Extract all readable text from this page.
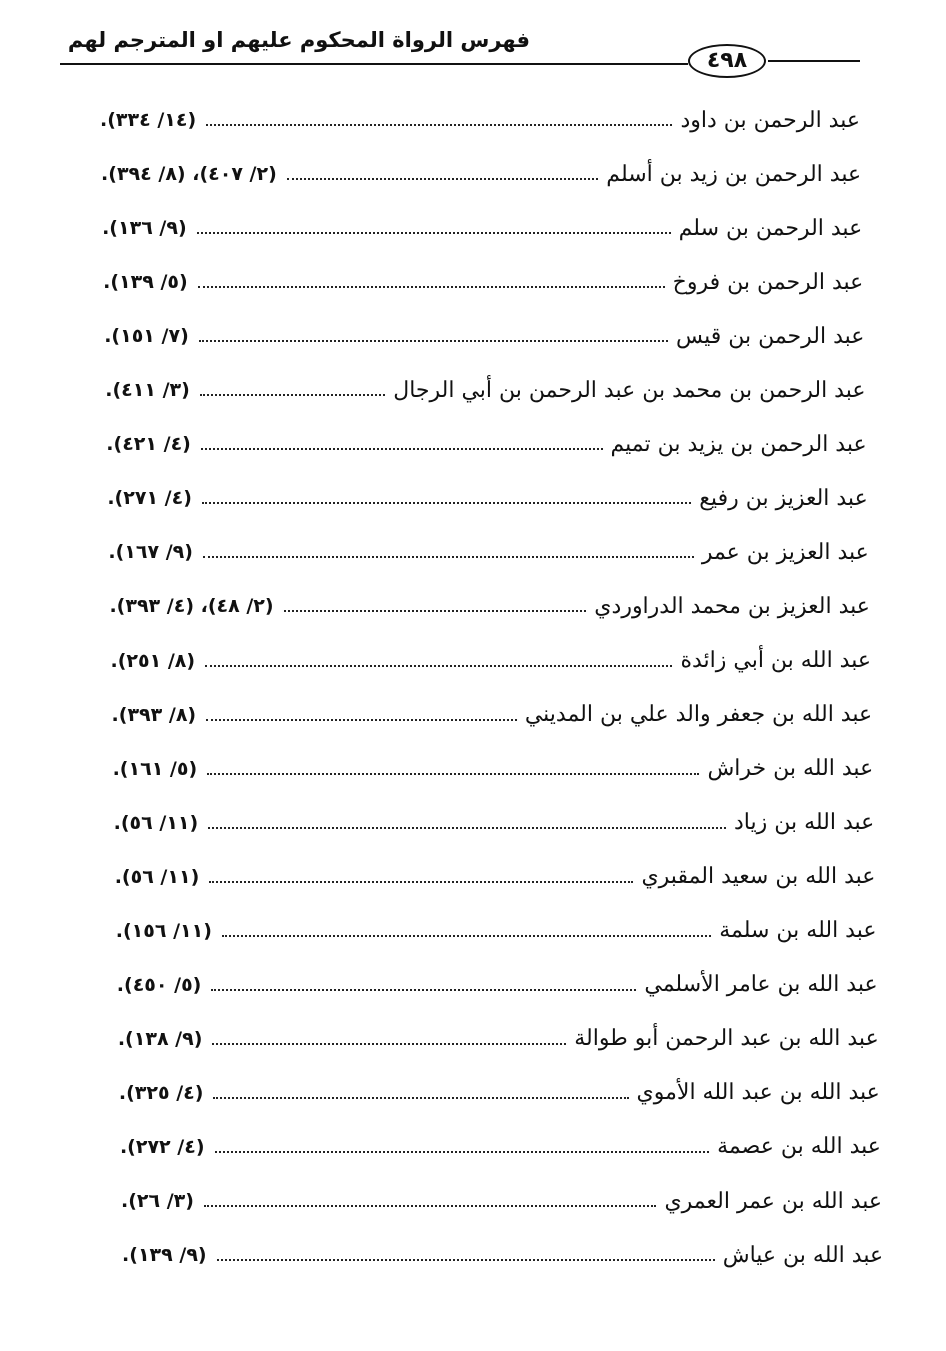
٤٩٨
فهرس الرواة المحكوم عليهم او المترجم لهم
عبد الرحمن بن داود
(١٤/ ٣٣٤).
عبد الرحمن بن زيد بن أسلم
(٢/ ٤٠٧)، (٨/ ٣٩٤).
عبد الرحمن بن سلم
(٩/ ١٣٦).
عبد الرحمن بن فروخ
(٥/ ١٣٩).
عبد الرحمن بن قيس
(٧/ ١٥١).
عبد الرحمن بن محمد بن عبد الرحمن بن أبي الرجال
(٣/ ٤١١).
عبد الرحمن بن يزيد بن تميم
(٤/ ٤٢١).
عبد العزيز بن رفيع
(٤/ ٢٧١).
عبد العزيز بن عمر
(٩/ ١٦٧).
عبد العزيز بن محمد الدراوردي
(٢/ ٤٨)، (٤/ ٣٩٣).
عبد الله بن أبي زائدة
(٨/ ٢٥١).
عبد الله بن جعفر والد علي بن المديني
(٨/ ٣٩٣).
عبد الله بن خراش
(٥/ ١٦١).
عبد الله بن زياد
(١١/ ٥٦).
عبد الله بن سعيد المقبري
(١١/ ٥٦).
عبد الله بن سلمة
(١١/ ١٥٦).
عبد الله بن عامر الأسلمي
(٥/ ٤٥٠).
عبد الله بن عبد الرحمن أبو طوالة
(٩/ ١٣٨).
عبد الله بن عبد الله الأموي
(٤/ ٣٢٥).
عبد الله بن عصمة
(٤/ ٢٧٢).
عبد الله بن عمر العمري
(٣/ ٢٦).
عبد الله بن عياش
(٩/ ١٣٩).
